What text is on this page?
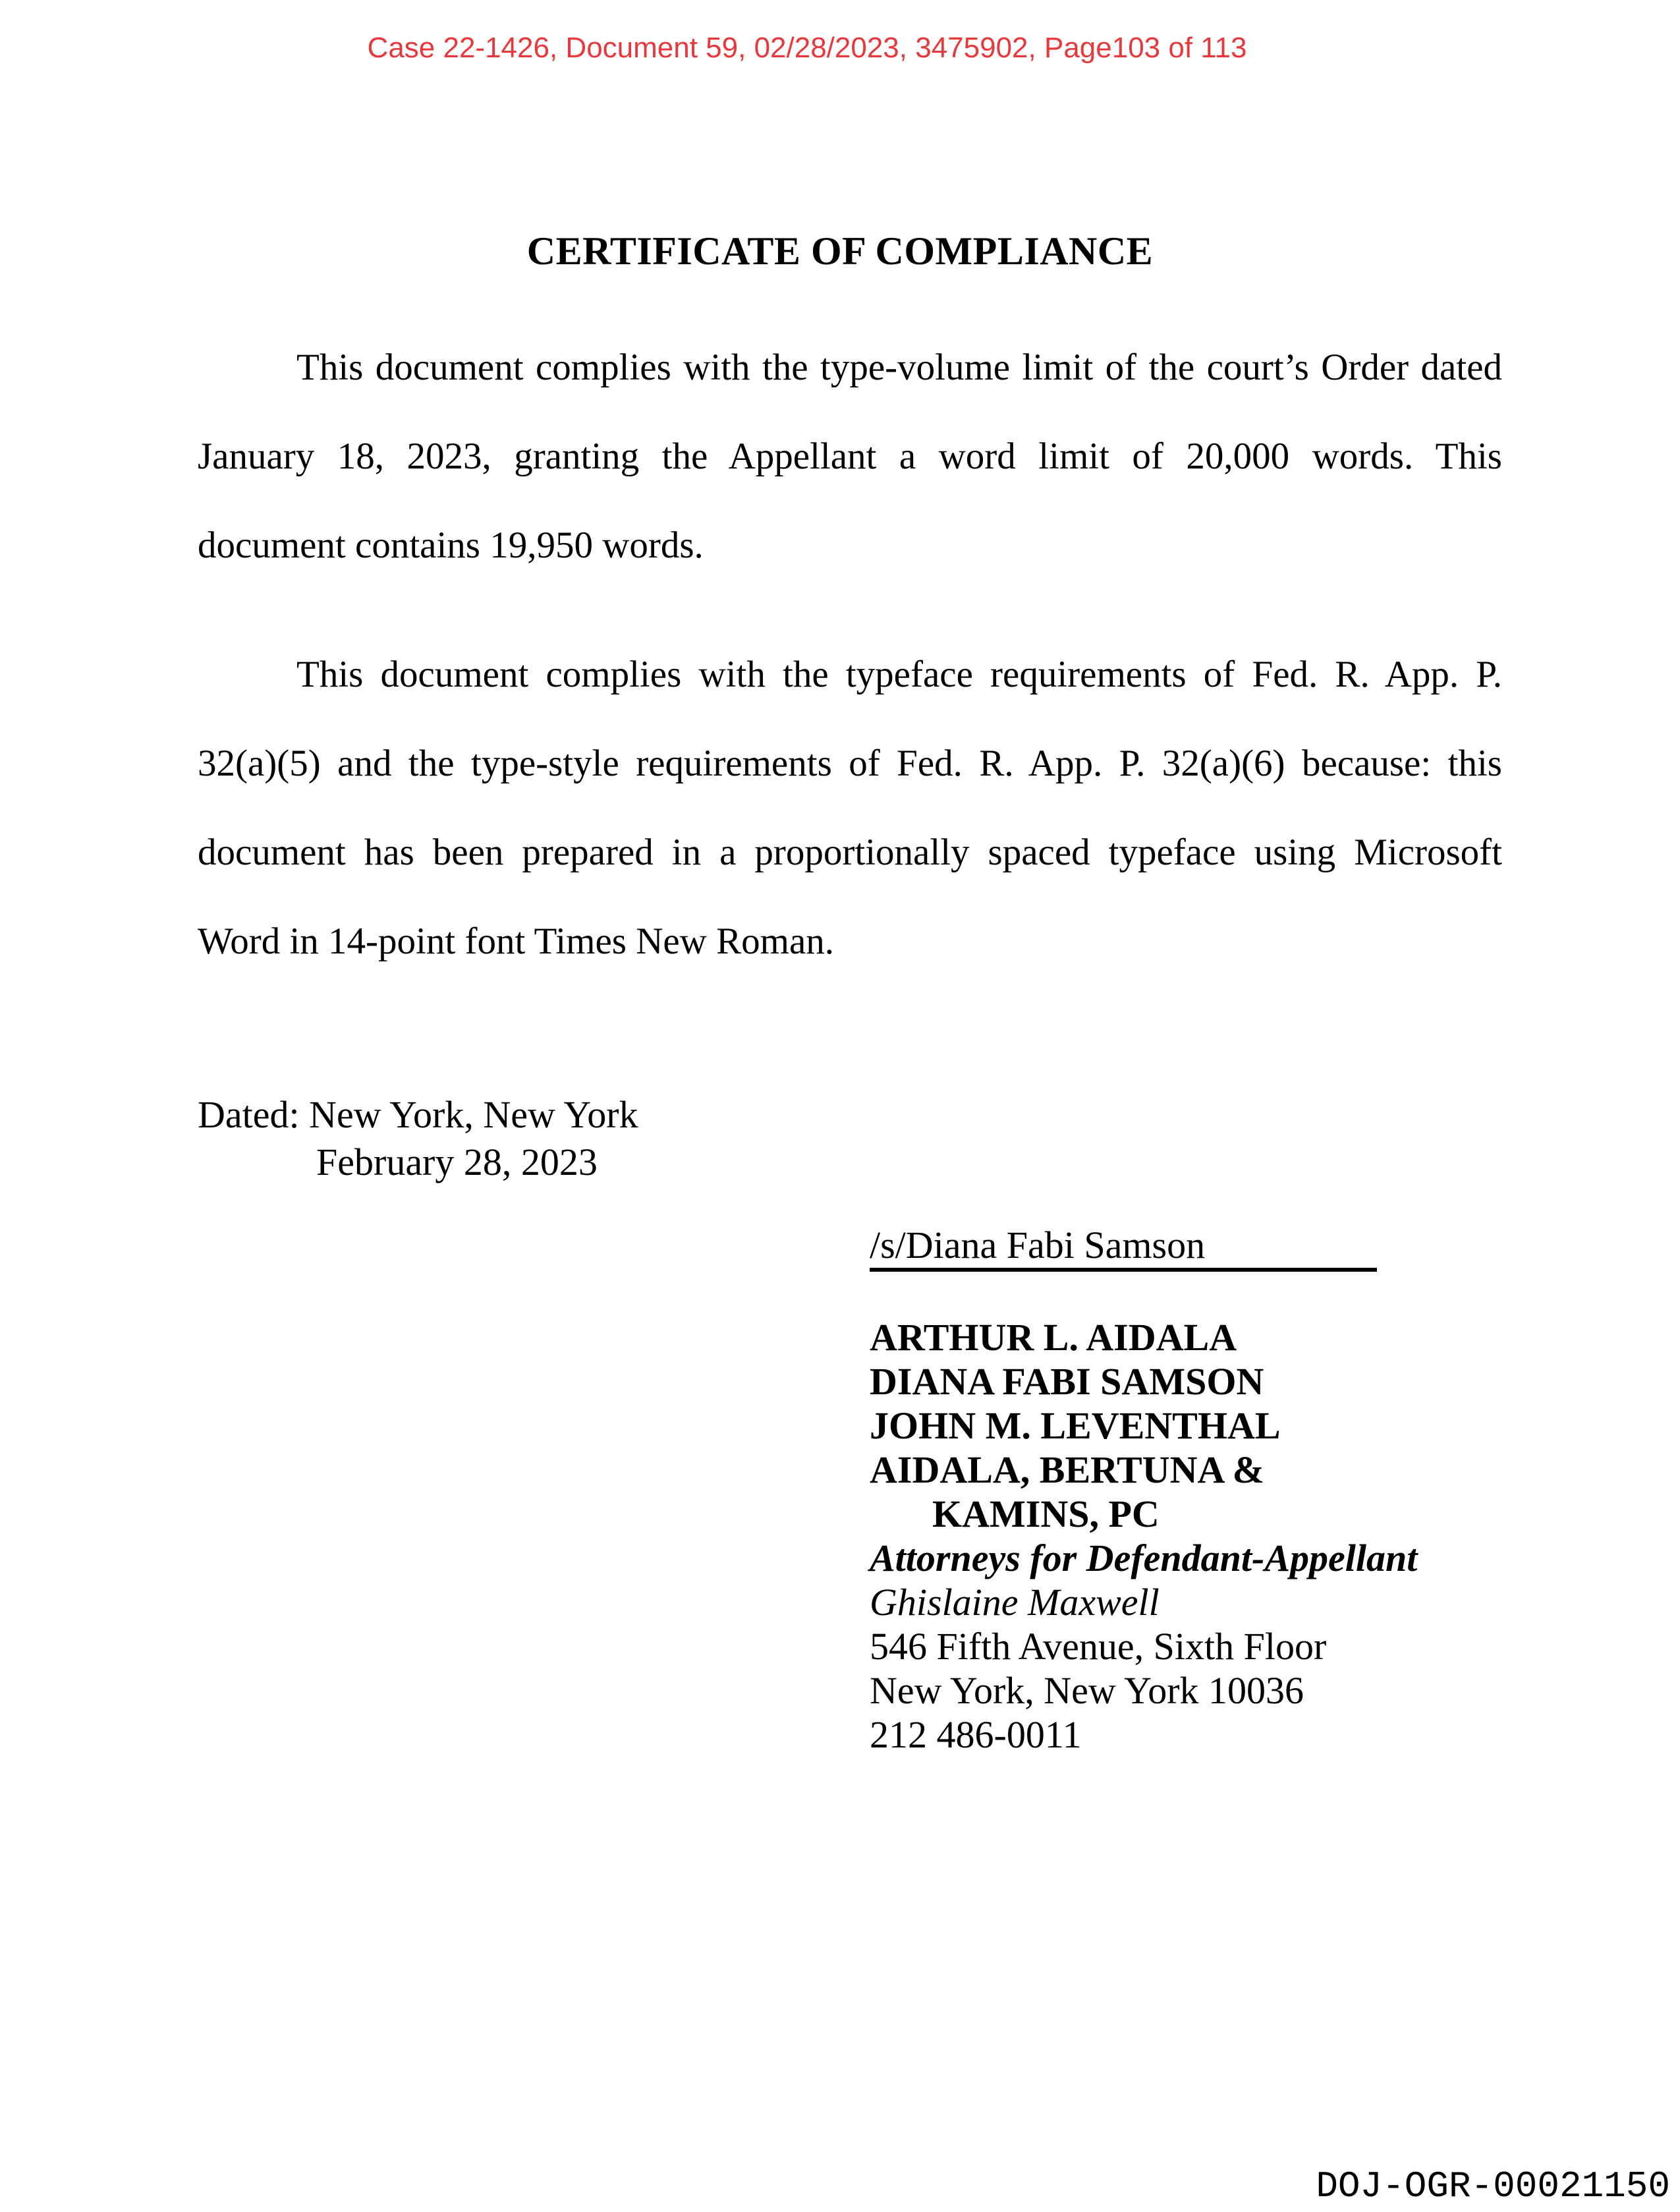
Case 22-1426, Document 59, 02/28/2023, 3475902, Page103 of 113
CERTIFICATE OF COMPLIANCE
This document complies with the type-volume limit of the court’s Order dated
January 18, 2023, granting the Appellant a word limit of 20,000 words. This
document contains 19,950 words.
This document complies with the typeface requirements of Fed. R. App. P.
32(a)(5) and the type-style requirements of Fed. R. App. P. 32(a)(6) because: this
document has been prepared in a proportionally spaced typeface using Microsoft
Word in 14-point font Times New Roman.
Dated: New York, New York
February 28, 2023
/s/Diana Fabi Samson
ARTHUR L. AIDALA
DIANA FABI SAMSON
JOHN M. LEVENTHAL
AIDALA, BERTUNA &
KAMINS, PC
Attorneys for Defendant-Appellant
Ghislaine Maxwell
546 Fifth Avenue, Sixth Floor
New York, New York 10036
212 486-0011
DOJ-OGR-00021150
